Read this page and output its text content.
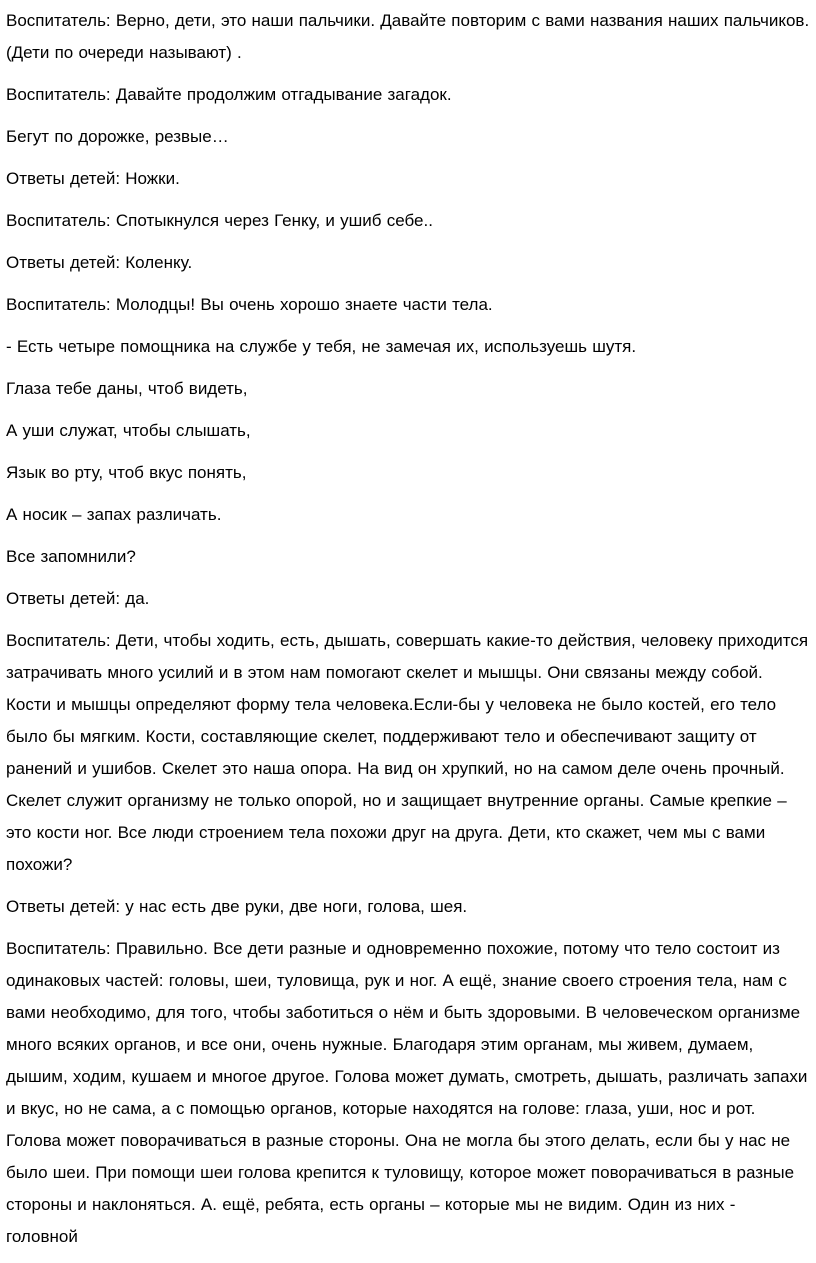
Воспитатель: Верно, дети, это наши пальчики. Давайте повторим с вами названия наших пальчиков. (Дети по очереди называют) .

Воспитатель: Давайте продолжим отгадывание загадок.

Бегут по дорожке, резвые…

Ответы детей: Ножки.

Воспитатель: Спотыкнулся через Генку, и ушиб себе..

Ответы детей: Коленку.

Воспитатель: Молодцы! Вы очень хорошо знаете части тела.

- Есть четыре помощника на службе у тебя, не замечая их, используешь шутя.

Глаза тебе даны, чтоб видеть,

А уши служат, чтобы слышать,

Язык во рту, чтоб вкус понять,

А носик – запах различать.

Все запомнили?

Ответы детей: да.

Воспитатель: Дети, чтобы ходить, есть, дышать, совершать какие-то действия, человеку приходится затрачивать много усилий и в этом нам помогают скелет и мышцы. Они связаны между собой. Кости и мышцы определяют форму тела человека.Если-бы у человека не было костей, его тело было бы мягким. Кости, составляющие скелет, поддерживают тело и обеспечивают защиту от ранений и ушибов. Скелет это наша опора. На вид он хрупкий, но на самом деле очень прочный. Скелет служит организму не только опорой, но и защищает внутренние органы. Самые крепкие – это кости ног. Все люди строением тела похожи друг на друга. Дети, кто скажет, чем мы с вами похожи?

Ответы детей: у нас есть две руки, две ноги, голова, шея.

Воспитатель: Правильно. Все дети разные и одновременно похожие, потому что тело состоит из одинаковых частей: головы, шеи, туловища, рук и ног. А ещё, знание своего строения тела, нам с вами необходимо, для того, чтобы заботиться о нём и быть здоровыми. В человеческом организме много всяких органов, и все они, очень нужные. Благодаря этим органам, мы живем, думаем, дышим, ходим, кушаем и многое другое. Голова может думать, смотреть, дышать, различать запахи и вкус, но не сама, а с помощью органов, которые находятся на голове: глаза, уши, нос и рот. Голова может поворачиваться в разные стороны. Она не могла бы этого делать, если бы у нас не было шеи. При помощи шеи голова крепится к туловищу, которое может поворачиваться в разные стороны и наклоняться. А. ещё, ребята, есть органы – которые мы не видим. Один из них - головной
